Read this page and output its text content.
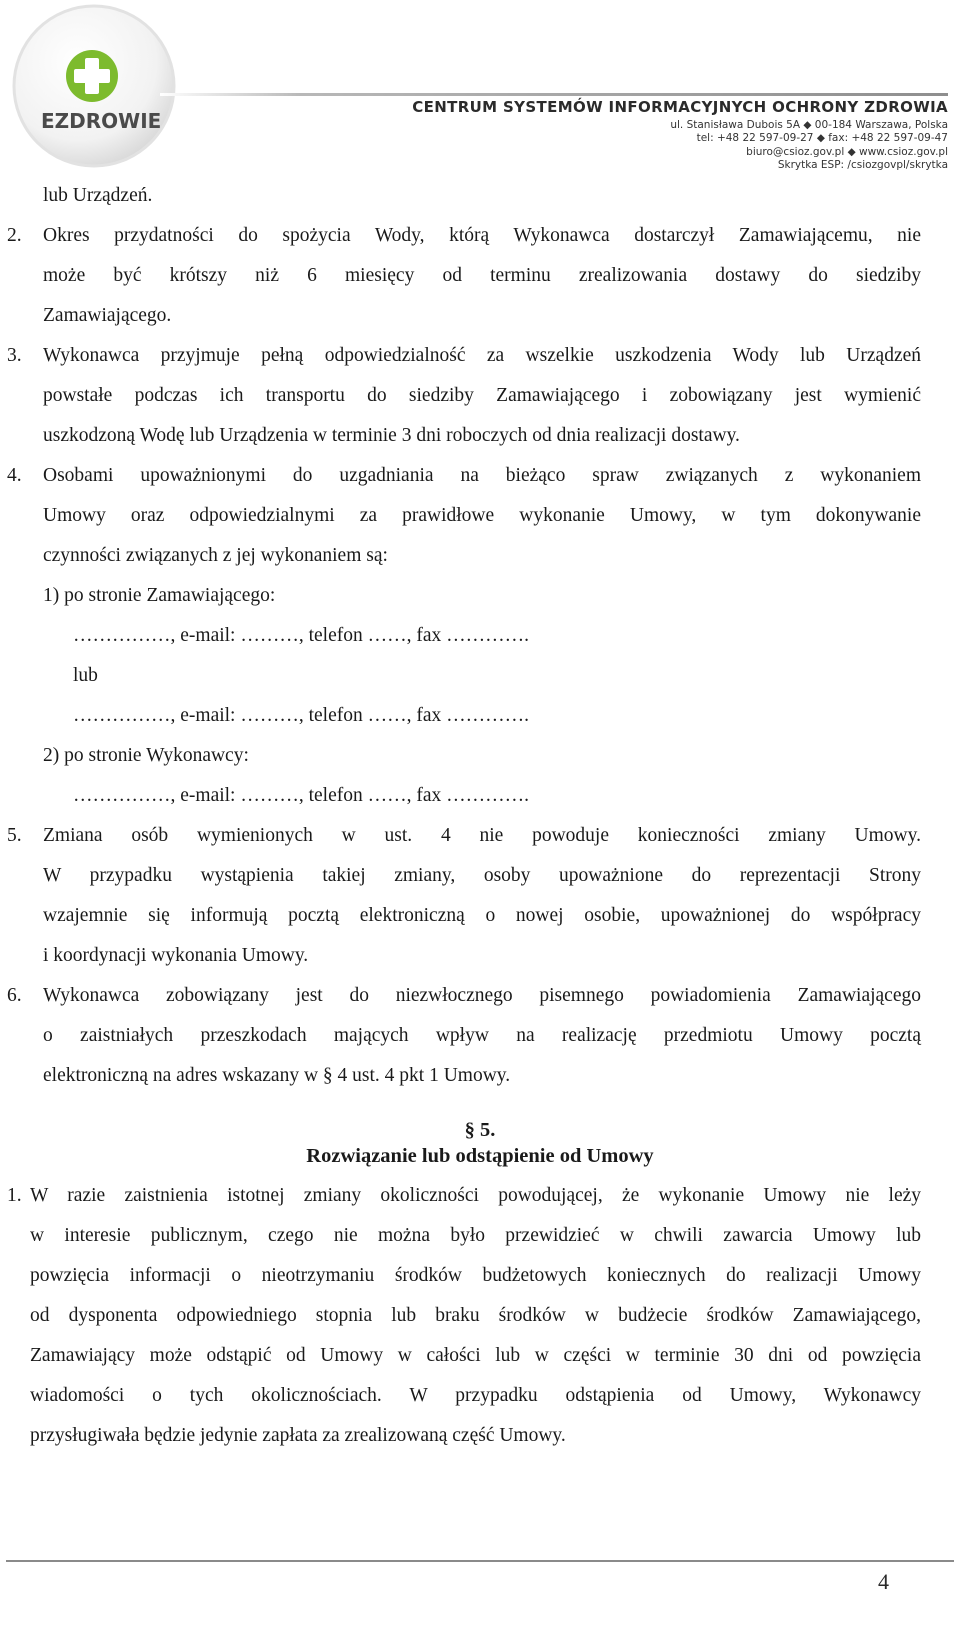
EZDROWIE
CENTRUM SYSTEMÓW INFORMACYJNYCH OCHRONY ZDROWIA
ul. Stanisława Dubois 5A ◆ 00-184 Warszawa, Polska
tel: +48 22 597-09-27 ◆ fax: +48 22 597-09-47
biuro@csioz.gov.pl ◆ www.csioz.gov.pl
Skrytka ESP: /csiozgovpl/skrytka
lub Urządzeń.
2. Okres przydatności do spożycia Wody, którą Wykonawca dostarczył Zamawiającemu, nie
może być krótszy niż 6 miesięcy od terminu zrealizowania dostawy do siedziby
Zamawiającego.
3. Wykonawca przyjmuje pełną odpowiedzialność za wszelkie uszkodzenia Wody lub Urządzeń
powstałe podczas ich transportu do siedziby Zamawiającego i zobowiązany jest wymienić
uszkodzoną Wodę lub Urządzenia w terminie 3 dni roboczych od dnia realizacji dostawy.
4. Osobami upoważnionymi do uzgadniania na bieżąco spraw związanych z wykonaniem
Umowy oraz odpowiedzialnymi za prawidłowe wykonanie Umowy, w tym dokonywanie
czynności związanych z jej wykonaniem są:
1) po stronie Zamawiającego:
……………, e-mail: ………, telefon ……, fax ………….
lub
……………, e-mail: ………, telefon ……, fax ………….
2) po stronie Wykonawcy:
……………, e-mail: ………, telefon ……, fax ………….
5. Zmiana osób wymienionych w ust. 4 nie powoduje konieczności zmiany Umowy.
W przypadku wystąpienia takiej zmiany, osoby upoważnione do reprezentacji Strony
wzajemnie się informują pocztą elektroniczną o nowej osobie, upoważnionej do współpracy
i koordynacji wykonania Umowy.
6. Wykonawca zobowiązany jest do niezwłocznego pisemnego powiadomienia Zamawiającego
o zaistniałych przeszkodach mających wpływ na realizację przedmiotu Umowy pocztą
elektroniczną na adres wskazany w § 4 ust. 4 pkt 1 Umowy.
§ 5.
Rozwiązanie lub odstąpienie od Umowy
1. W razie zaistnienia istotnej zmiany okoliczności powodującej, że wykonanie Umowy nie leży
w interesie publicznym, czego nie można było przewidzieć w chwili zawarcia Umowy lub
powzięcia informacji o nieotrzymaniu środków budżetowych koniecznych do realizacji Umowy
od dysponenta odpowiedniego stopnia lub braku środków w budżecie środków Zamawiającego,
Zamawiający może odstąpić od Umowy w całości lub w części w terminie 30 dni od powzięcia
wiadomości o tych okolicznościach. W przypadku odstąpienia od Umowy, Wykonawcy
przysługiwała będzie jedynie zapłata za zrealizowaną część Umowy.
4
